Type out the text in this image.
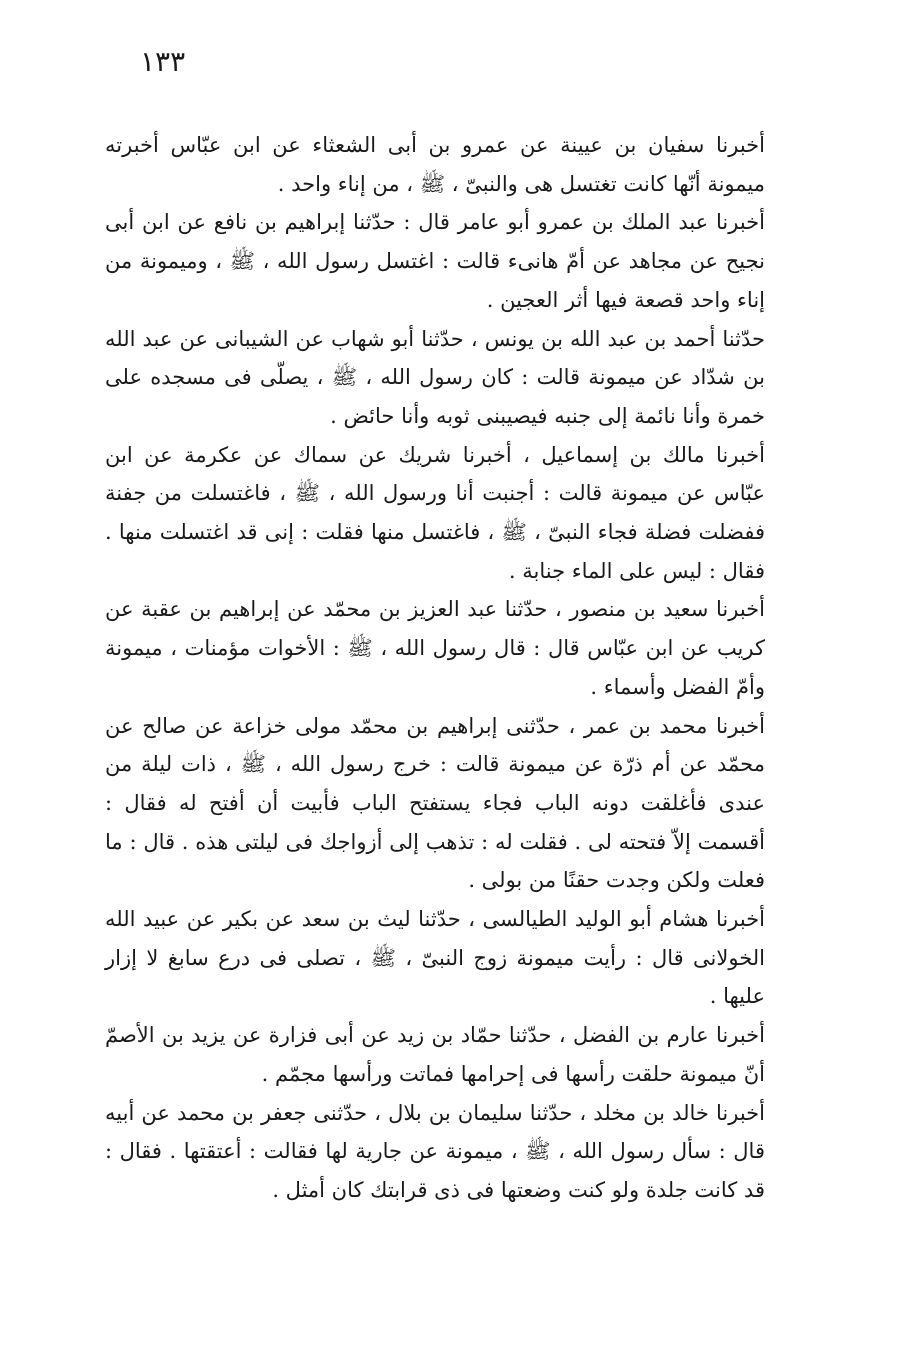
١٣٣

أخبرنا سفيان بن عيينة عن عمرو بن أبى الشعثاء عن ابن عبّاس أخبرته ميمونة أنّها كانت تغتسل هى والنبىّ ، ﷺ ، من إناء واحد .

أخبرنا عبد الملك بن عمرو أبو عامر قال : حدّثنا إبراهيم بن نافع عن ابن أبى نجيح عن مجاهد عن أمّ هانىء قالت : اغتسل رسول الله ، ﷺ ، وميمونة من إناء واحد قصعة فيها أثر العجين .

حدّثنا أحمد بن عبد الله بن يونس ، حدّثنا أبو شهاب عن الشيبانى عن عبد الله بن شدّاد عن ميمونة قالت : كان رسول الله ، ﷺ ، يصلّى فى مسجده على خمرة وأنا نائمة إلى جنبه فيصيبنى ثوبه وأنا حائض .

أخبرنا مالك بن إسماعيل ، أخبرنا شريك عن سماك عن عكرمة عن ابن عبّاس عن ميمونة قالت : أجنبت أنا ورسول الله ، ﷺ ، فاغتسلت من جفنة ففضلت فضلة فجاء النبىّ ، ﷺ ، فاغتسل منها فقلت : إنى قد اغتسلت منها . فقال : ليس على الماء جنابة .

أخبرنا سعيد بن منصور ، حدّثنا عبد العزيز بن محمّد عن إبراهيم بن عقبة عن كريب عن ابن عبّاس قال : قال رسول الله ، ﷺ : الأخوات مؤمنات ، ميمونة وأمّ الفضل وأسماء .

أخبرنا محمد بن عمر ، حدّثنى إبراهيم بن محمّد مولى خزاعة عن صالح عن محمّد عن أم ذرّة عن ميمونة قالت : خرج رسول الله ، ﷺ ، ذات ليلة من عندى فأغلقت دونه الباب فجاء يستفتح الباب فأبيت أن أفتح له فقال : أقسمت إلاّ فتحته لى . فقلت له : تذهب إلى أزواجك فى ليلتى هذه . قال : ما فعلت ولكن وجدت حقنًا من بولى .

أخبرنا هشام أبو الوليد الطيالسى ، حدّثنا ليث بن سعد عن بكير عن عبيد الله الخولانى قال : رأيت ميمونة زوج النبىّ ، ﷺ ، تصلى فى درع سابغ لا إزار عليها .

أخبرنا عارم بن الفضل ، حدّثنا حمّاد بن زيد عن أبى فزارة عن يزيد بن الأصمّ أنّ ميمونة حلقت رأسها فى إحرامها فماتت ورأسها مجمّم .

أخبرنا خالد بن مخلد ، حدّثنا سليمان بن بلال ، حدّثنى جعفر بن محمد عن أبيه قال : سأل رسول الله ، ﷺ ، ميمونة عن جارية لها فقالت : أعتقتها . فقال : قد كانت جلدة ولو كنت وضعتها فى ذى قرابتك كان أمثل .
